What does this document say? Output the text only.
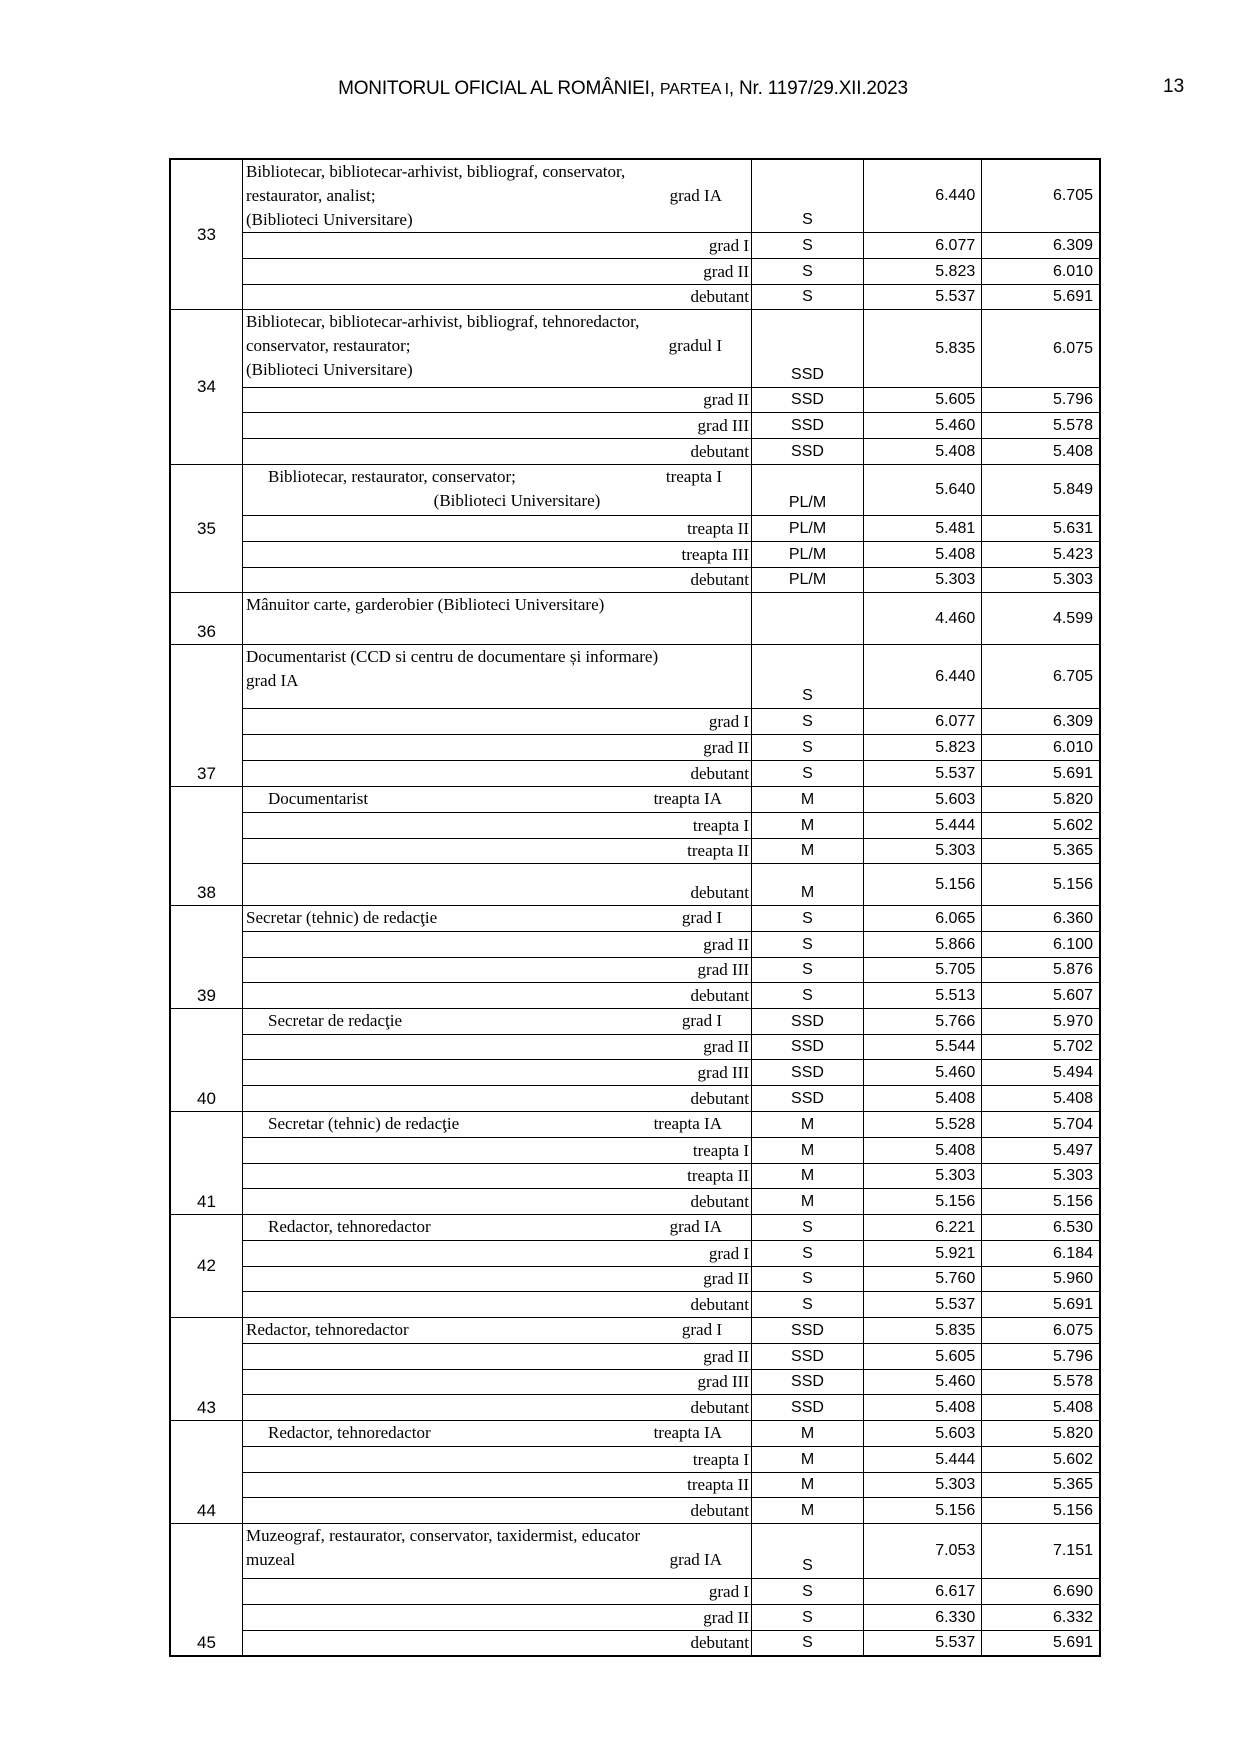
MONITORUL OFICIAL AL ROMÂNIEI, PARTEA I, Nr. 1197/29.XII.2023	13
33	Bibliotecar, bibliotecar-arhivist, bibliograf, conservator,
restaurator, analist; grad IA
(Biblioteci Universitare)	S	6.440	6.705
	grad I	S	6.077	6.309
	grad II	S	5.823	6.010
	debutant	S	5.537	5.691
34	Bibliotecar, bibliotecar-arhivist, bibliograf, tehnoredactor,
conservator, restaurator; gradul I
(Biblioteci Universitare)	SSD	5.835	6.075
	grad II	SSD	5.605	5.796
	grad III	SSD	5.460	5.578
	debutant	SSD	5.408	5.408
35	Bibliotecar, restaurator, conservator; treapta I
(Biblioteci Universitare)	PL/M	5.640	5.849
	treapta II	PL/M	5.481	5.631
	treapta III	PL/M	5.408	5.423
	debutant	PL/M	5.303	5.303
36	Mânuitor carte, garderobier (Biblioteci Universitare)		4.460	4.599
37	Documentarist (CCD si centru de documentare și informare)
grad IA	S	6.440	6.705
	grad I	S	6.077	6.309
	grad II	S	5.823	6.010
	debutant	S	5.537	5.691
38	Documentarist treapta IA	M	5.603	5.820
	treapta I	M	5.444	5.602
	treapta II	M	5.303	5.365
	debutant	M	5.156	5.156
39	Secretar (tehnic) de redacţie grad I	S	6.065	6.360
	grad II	S	5.866	6.100
	grad III	S	5.705	5.876
	debutant	S	5.513	5.607
40	Secretar de redacţie grad I	SSD	5.766	5.970
	grad II	SSD	5.544	5.702
	grad III	SSD	5.460	5.494
	debutant	SSD	5.408	5.408
41	Secretar (tehnic) de redacţie treapta IA	M	5.528	5.704
	treapta I	M	5.408	5.497
	treapta II	M	5.303	5.303
	debutant	M	5.156	5.156
42	Redactor, tehnoredactor grad IA	S	6.221	6.530
	grad I	S	5.921	6.184
	grad II	S	5.760	5.960
	debutant	S	5.537	5.691
43	Redactor, tehnoredactor grad I	SSD	5.835	6.075
	grad II	SSD	5.605	5.796
	grad III	SSD	5.460	5.578
	debutant	SSD	5.408	5.408
44	Redactor, tehnoredactor treapta IA	M	5.603	5.820
	treapta I	M	5.444	5.602
	treapta II	M	5.303	5.365
	debutant	M	5.156	5.156
45	Muzeograf, restaurator, conservator, taxidermist, educator
muzeal grad IA	S	7.053	7.151
	grad I	S	6.617	6.690
	grad II	S	6.330	6.332
	debutant	S	5.537	5.691
